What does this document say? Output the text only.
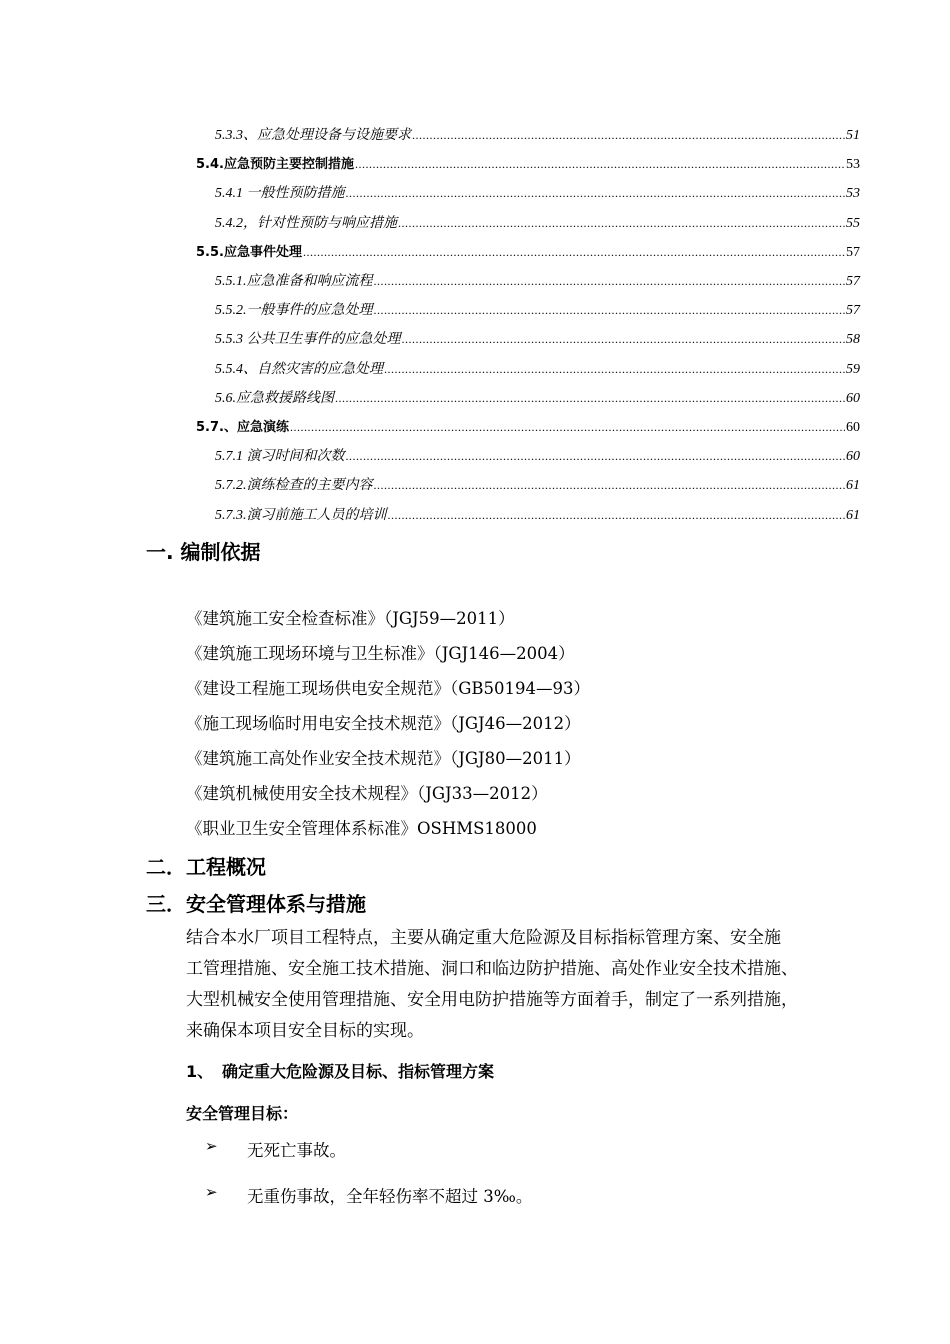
5.3.3、应急处理设备与设施要求 .....	51
5.4.应急预防主要控制措施 .....	53
5.4.1 一般性预防措施 .....	53
5.4.2，针对性预防与响应措施 .....	55
5.5.应急事件处理 .....	57
5.5.1.应急准备和响应流程 .....	57
5.5.2.一般事件的应急处理 .....	57
5.5.3 公共卫生事件的应急处理 .....	58
5.5.4、自然灾害的应急处理 .....	59
5.6.应急救援路线图 .....	60
5.7.、应急演练 .....	60
5.7.1 演习时间和次数 .....	60
5.7.2.演练检查的主要内容 .....	61
5.7.3.演习前施工人员的培训 .....	61
一. 编制依据
《建筑施工安全检查标准》（JGJ59—2011）
《建筑施工现场环境与卫生标准》（JGJ146—2004）
《建设工程施工现场供电安全规范》（GB50194—93）
《施工现场临时用电安全技术规范》（JGJ46—2012）
《建筑施工高处作业安全技术规范》（JGJ80—2011）
《建筑机械使用安全技术规程》（JGJ33—2012）
《职业卫生安全管理体系标准》OSHMS18000
二．工程概况
三．安全管理体系与措施
结合本水厂项目工程特点，主要从确定重大危险源及目标指标管理方案、安全施
工管理措施、安全施工技术措施、洞口和临边防护措施、高处作业安全技术措施、
大型机械安全使用管理措施、安全用电防护措施等方面着手，制定了一系列措施，
来确保本项目安全目标的实现。
1、 确定重大危险源及目标、指标管理方案
安全管理目标：
➢	无死亡事故。
➢	无重伤事故，全年轻伤率不超过 3‰。
